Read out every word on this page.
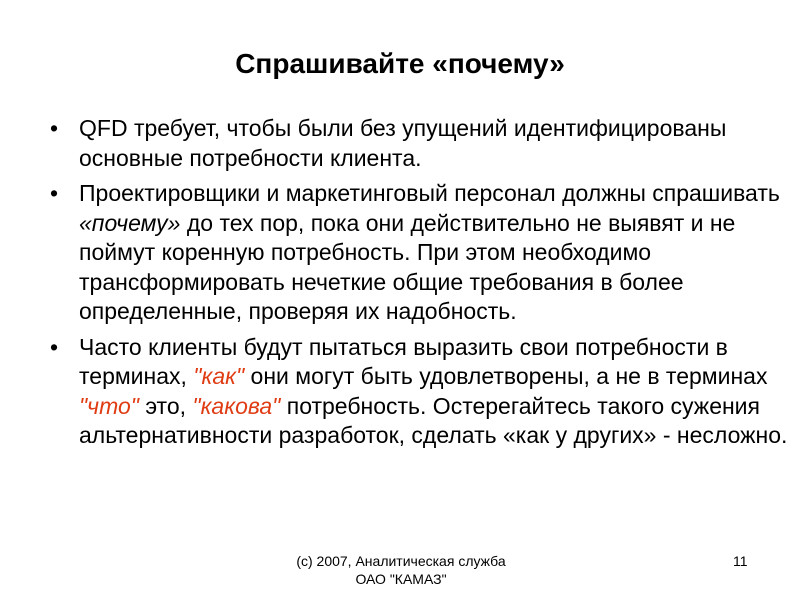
Спрашивайте «почему»
• QFD требует, чтобы были без упущений идентифицированы основные потребности клиента.
• Проектировщики и маркетинговый персонал должны спрашивать «почему» до тех пор, пока они действительно не выявят и не поймут коренную потребность. При этом необходимо трансформировать нечеткие общие требования в более определенные, проверяя их надобность.
• Часто клиенты будут пытаться выразить свои потребности в терминах, "как" они могут быть удовлетворены, а не в терминах "что" это, "какова" потребность. Остерегайтесь такого сужения альтернативности разработок, сделать «как у других» - несложно.
(c) 2007, Аналитическая служба
ОАО "КАМАЗ"
11
